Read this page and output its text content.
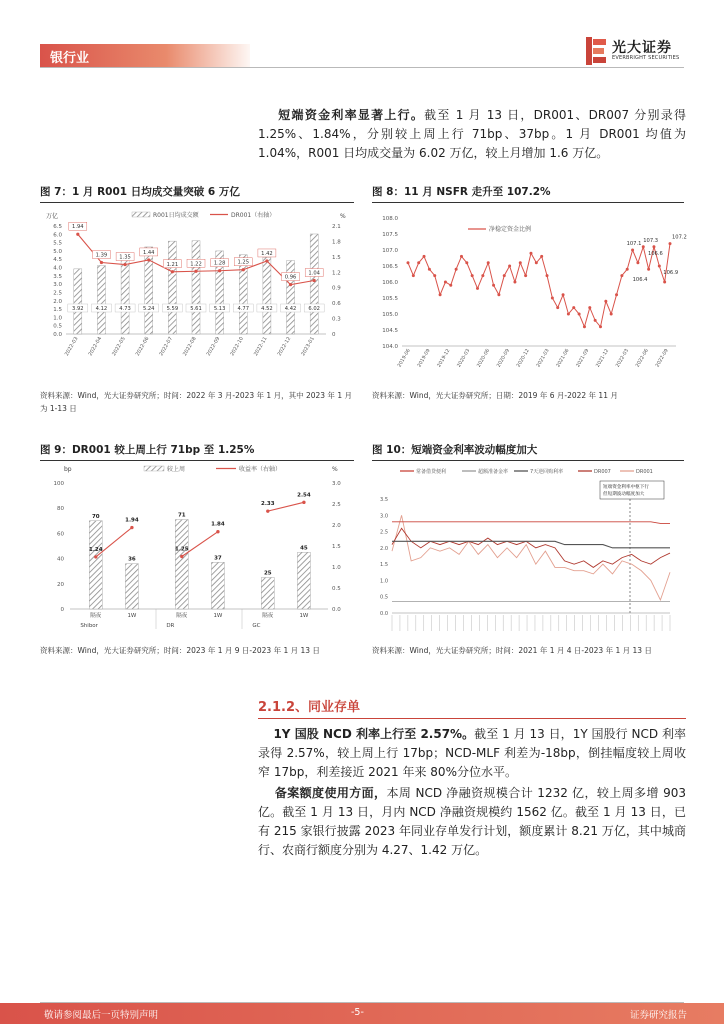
银行业
光大证券
EVERBRIGHT SECURITIES
短端资金利率显著上行。截至 1 月 13 日，DR001、DR007 分别录得 1.25%、1.84%，分别较上周上行 71bp、37bp。1 月 DR001 均值为 1.04%，R001 日均成交量为 6.02 万亿，较上月增加 1.6 万亿。
图 7：1 月 R001 日均成交量突破 6 万亿
万亿	%
R001日均成交额	DR001（右轴）
0.0
0.5
1.0
1.5
2.0
2.5
3.0
3.5
4.0
4.5
5.0
5.5
6.0
6.5
0
0.3
0.6
0.9
1.2
1.5
1.8
2.1
3.92
2022-03
4.12
2022-04
4.73
2022-05
5.24
2022-06
5.59
2022-07
5.61
2022-08
5.13
2022-09
4.77
2022-10
4.52
2022-11
4.42
2022-12
6.02
2023-01
1.94
1.39 1.35
1.44
1.21 1.22 1.28 1.25
1.42
0.96
1.04
资料来源：Wind，光大证券研究所；时间：2022 年 3 月-2023 年 1 月，其中 2023 年 1 月为 1-13 日
图 8：11 月 NSFR 走升至 107.2%
104.0
104.5
105.0
105.5
106.0
106.5
107.0
107.5
108.0
净稳定资金比例
107.1
107.3
107.2
106.6
106.4
106.9
2019-06 2019-09 2019-12 2020-03 2020-06 2020-09 2020-12 2021-03 2021-06 2021-09 2021-12 2022-03 2022-06 2022-09
资料来源：Wind，光大证券研究所；日期：2019 年 6 月-2022 年 11 月
图 9：DR001 较上周上行 71bp 至 1.25%
bp	%
较上周	收益率（右轴）
0
20
40
60
80
100
0.0
0.5
1.0
1.5
2.0
2.5
3.0
70
隔夜
1.24
36
1W
1.94
Shibor
71
隔夜
1.25
37
1W
1.84
DR
25
隔夜
2.33
45
1W
2.54
GC
资料来源：Wind，光大证券研究所；时间：2023 年 1 月 9 日-2023 年 1 月 13 日
图 10：短端资金利率波动幅度加大
0.0
0.5
1.0
1.5
2.0
2.5
3.0
3.5
常备借贷便利	超额准备金率	7天逆回购利率	DR007	DR001
短端资金利率中枢下行
但短期波动幅度加大
资料来源：Wind，光大证券研究所；时间：2021 年 1 月 4 日-2023 年 1 月 13 日
2.1.2、同业存单
1Y 国股 NCD 利率上行至 2.57%。截至 1 月 13 日，1Y 国股行 NCD 利率录得 2.57%，较上周上行 17bp；NCD-MLF 利差为-18bp，倒挂幅度较上周收窄 17bp，利差接近 2021 年来 80%分位水平。
备案额度使用方面，本周 NCD 净融资规模合计 1232 亿，较上周多增 903 亿。截至 1 月 13 日，月内 NCD 净融资规模约 1562 亿。截至 1 月 13 日，已有 215 家银行披露 2023 年同业存单发行计划，额度累计 8.21 万亿，其中城商行、农商行额度分别为 4.27、1.42 万亿。
敬请参阅最后一页特别声明	-5-	证券研究报告
